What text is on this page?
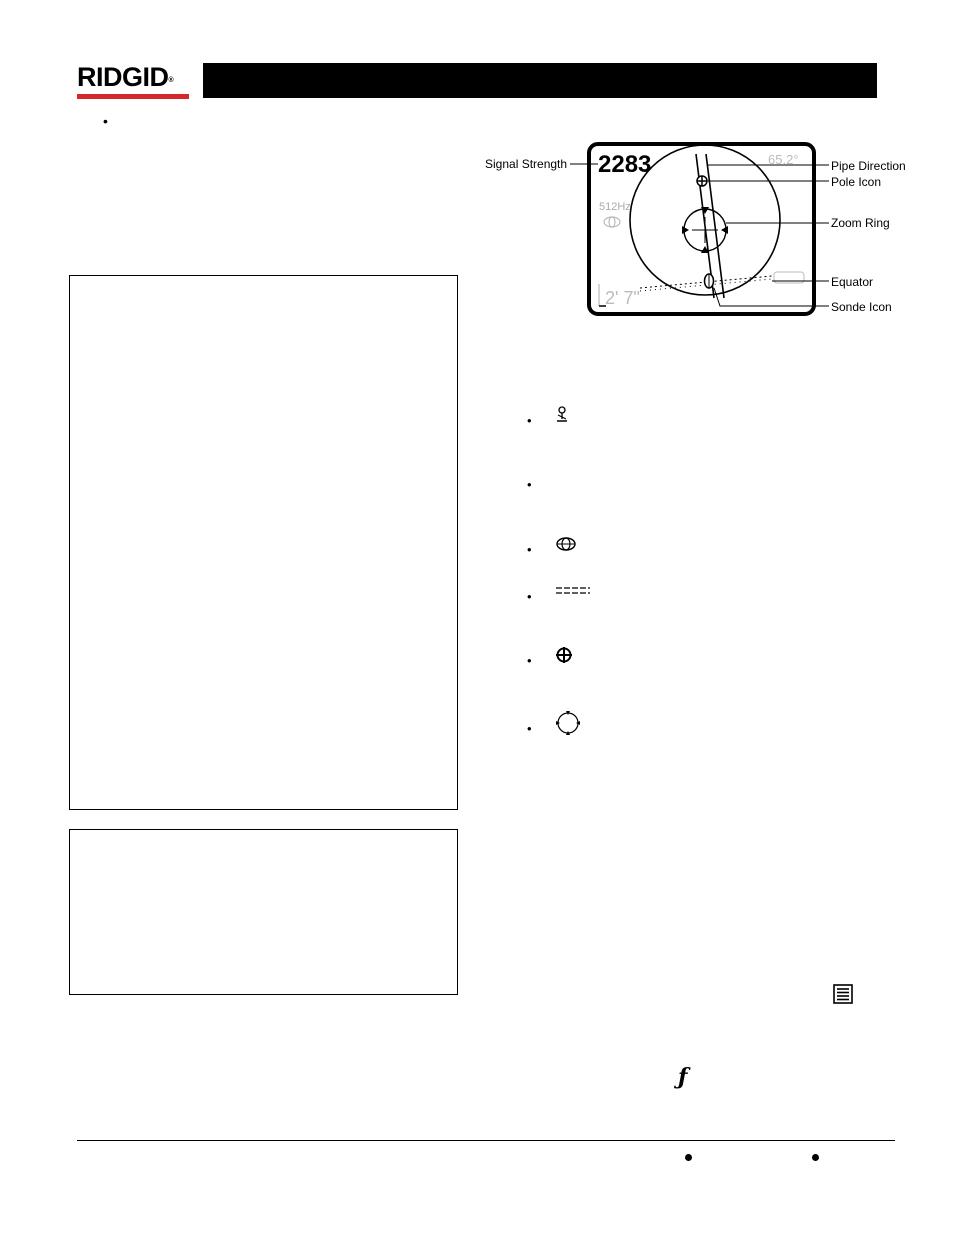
RIDGID®
•
2283	65.2°
512Hz
2' 7"
Signal Strength	Pipe Direction
Pole Icon
Zoom Ring
Equator
Sonde Icon
•
•
•
•
•
•
ƒ
